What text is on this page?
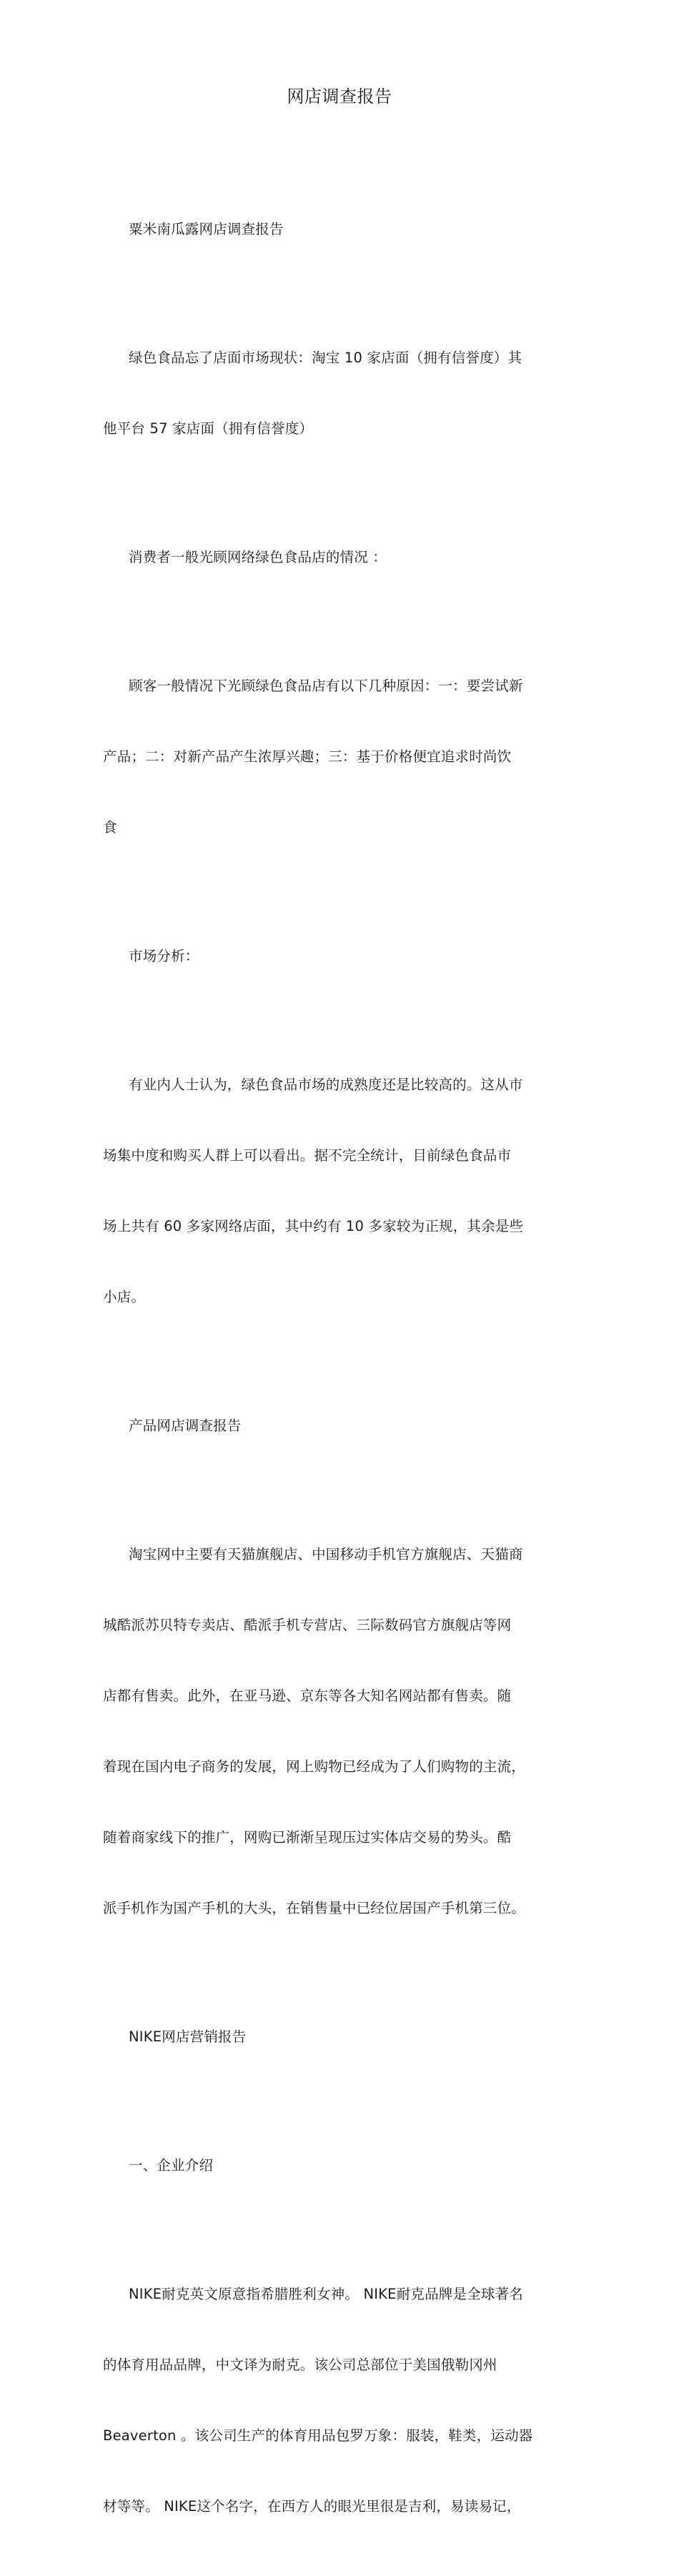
网店调查报告

粟米南瓜露网店调查报告

绿色食品忘了店面市场现状：淘宝 10 家店面（拥有信誉度）其

他平台 57 家店面（拥有信誉度）

消费者一般光顾网络绿色食品店的情况 ：

顾客一般情况下光顾绿色食品店有以下几种原因：一：要尝试新

产品；二：对新产品产生浓厚兴趣；三：基于价格便宜追求时尚饮

食

市场分析：

有业内人士认为，绿色食品市场的成熟度还是比较高的。这从市

场集中度和购买人群上可以看出。据不完全统计，目前绿色食品市

场上共有 60 多家网络店面，其中约有 10 多家较为正规，其余是些

小店。

产品网店调查报告

淘宝网中主要有天猫旗舰店、中国移动手机官方旗舰店、天猫商

城酷派苏贝特专卖店、酷派手机专营店、三际数码官方旗舰店等网

店都有售卖。此外，在亚马逊、京东等各大知名网站都有售卖。随

着现在国内电子商务的发展，网上购物已经成为了人们购物的主流，

随着商家线下的推广，网购已渐渐呈现压过实体店交易的势头。酷

派手机作为国产手机的大头，在销售量中已经位居国产手机第三位。

NIKE网店营销报告

一、企业介绍

NIKE耐克英文原意指希腊胜利女神。 NIKE耐克品牌是全球著名

的体育用品品牌，中文译为耐克。该公司总部位于美国俄勒冈州

Beaverton 。该公司生产的体育用品包罗万象：服装，鞋类，运动器

材等等。 NIKE这个名字，在西方人的眼光里很是吉利，易读易记，
